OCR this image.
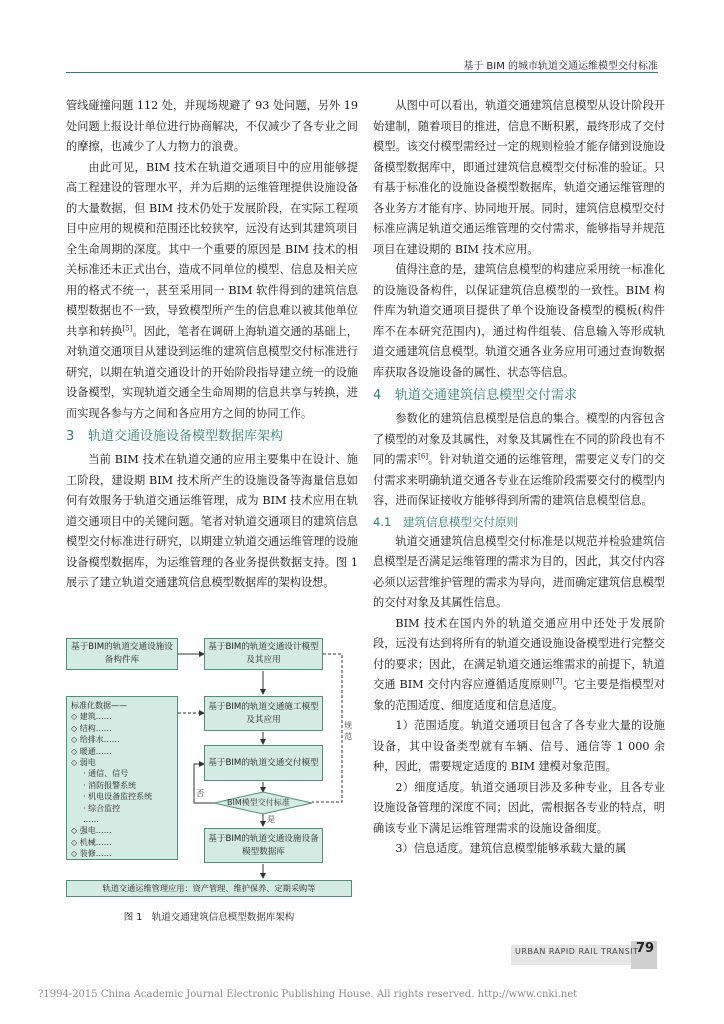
基于 BIM 的城市轨道交通运维模型交付标准

管线碰撞问题 112 处，并现场规避了 93 处问题，另外 19 处问题上报设计单位进行协商解决，不仅减少了各专业之间的摩擦，也减少了人力物力的浪费。

由此可见，BIM 技术在轨道交通项目中的应用能够提高工程建设的管理水平，并为后期的运维管理提供设施设备的大量数据，但 BIM 技术仍处于发展阶段，在实际工程项目中应用的规模和范围还比较狭窄，远没有达到其建筑项目全生命周期的深度。其中一个重要的原因是 BIM 技术的相关标准还未正式出台，造成不同单位的模型、信息及相关应用的格式不统一，甚至采用同一 BIM 软件得到的建筑信息模型数据也不一致，导致模型所产生的信息难以被其他单位共享和转换[5]。因此，笔者在调研上海轨道交通的基础上，对轨道交通项目从建设到运维的建筑信息模型交付标准进行研究，以期在轨道交通设计的开始阶段指导建立统一的设施设备模型，实现轨道交通全生命周期的信息共享与转换，进而实现各参与方之间和各应用方之间的协同工作。

3 轨道交通设施设备模型数据库架构

当前 BIM 技术在轨道交通的应用主要集中在设计、施工阶段，建设期 BIM 技术所产生的设施设备等海量信息如何有效服务于轨道交通运维管理，成为 BIM 技术应用在轨道交通项目中的关键问题。笔者对轨道交通项目的建筑信息模型交付标准进行研究，以期建立轨道交通运维管理的设施设备模型数据库，为运维管理的各业务提供数据支持。图 1 展示了建立轨道交通建筑信息模型数据库的架构设想。

基于BIM的轨道交通设施设备构件库
基于BIM的轨道交通设计模型及其应用
基于BIM的轨道交通施工模型及其应用
基于BIM的轨道交通交付模型
BIM模型交付标准
基于BIM的轨道交通设施设备模型数据库
标准化数据——
◇ 建筑……
◇ 结构……
◇ 给排水……
◇ 暖通……
◇ 弱电
· 通信、信号
· 消防报警系统
· 机电设备监控系统
· 综合监控
……
◇ 强电……
◇ 机械……
◇ 装修……
规范
否
是
轨道交通运维管理应用：资产管理、维护保养、定期采购等
图 1　轨道交通建筑信息模型数据库架构

从图中可以看出，轨道交通建筑信息模型从设计阶段开始建制，随着项目的推进，信息不断积累，最终形成了交付模型。该交付模型需经过一定的规则检验才能存储到设施设备模型数据库中，即通过建筑信息模型交付标准的验证。只有基于标准化的设施设备模型数据库，轨道交通运维管理的各业务方才能有序、协同地开展。同时，建筑信息模型交付标准应满足轨道交通运维管理的交付需求，能够指导并规范项目在建设期的 BIM 技术应用。

值得注意的是，建筑信息模型的构建应采用统一标准化的设施设备构件，以保证建筑信息模型的一致性。BIM 构件库为轨道交通项目提供了单个设施设备模型的模板(构件库不在本研究范围内)，通过构件组装、信息输入等形成轨道交通建筑信息模型。轨道交通各业务应用可通过查询数据库获取各设施设备的属性、状态等信息。

4 轨道交通建筑信息模型交付需求

参数化的建筑信息模型是信息的集合。模型的内容包含了模型的对象及其属性，对象及其属性在不同的阶段也有不同的需求[6]。针对轨道交通的运维管理，需要定义专门的交付需求来明确轨道交通各专业在运维阶段需要交付的模型内容，进而保证接收方能够得到所需的建筑信息模型信息。

4.1 建筑信息模型交付原则

轨道交通建筑信息模型交付标准是以规范并检验建筑信息模型是否满足运维管理的需求为目的，因此，其交付内容必须以运营维护管理的需求为导向，进而确定建筑信息模型的交付对象及其属性信息。

BIM 技术在国内外的轨道交通应用中还处于发展阶段，远没有达到将所有的轨道交通设施设备模型进行完整交付的要求；因此，在满足轨道交通运维需求的前提下，轨道交通 BIM 交付内容应遵循适度原则[7]。它主要是指模型对象的范围适度、细度适度和信息适度。

1）范围适度。轨道交通项目包含了各专业大量的设施设备，其中设备类型就有车辆、信号、通信等 1 000 余种，因此，需要规定适度的 BIM 建模对象范围。

2）细度适度。轨道交通项目涉及多种专业，且各专业设施设备管理的深度不同；因此，需根据各专业的特点，明确该专业下满足运维管理需求的设施设备细度。

3）信息适度。建筑信息模型能够承载大量的属

URBAN RAPID RAIL TRANSIT
79
?1994-2015 China Academic Journal Electronic Publishing House. All rights reserved. http://www.cnki.net
